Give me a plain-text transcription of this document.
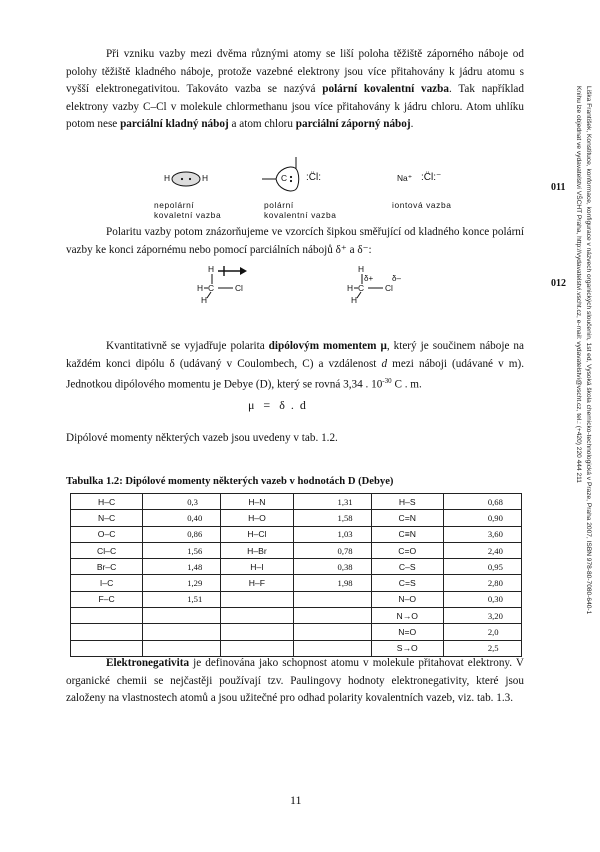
Při vzniku vazby mezi dvěma různými atomy se liší poloha těžiště záporného náboje od polohy těžiště kladného náboje, protože vazebné elektrony jsou více přitahovány k jádru atomu s vyšší elektronegativitou. Takováto vazba se nazývá polární kovalentní vazba. Tak například elektrony vazby C–Cl v molekule chlormethanu jsou více přitahovány k jádru chloru. Atom uhlíku potom nese parciální kladný náboj a atom chloru parciální záporný náboj.

H	H	C :C̈l:	Na⁺ :C̈l:⁻
nepolární
kovaletní vazba
polární
kovalentní vazba
iontová vazba

Polaritu vazby potom znázorňujeme ve vzorcích šipkou směřující od kladného konce polární vazby ke konci zápornému nebo pomocí parciálních nábojů δ⁺ a δ⁻:

H
H C Cl
H
H
δ+ δ–
H C Cl
H
011
012

Kvantitativně se vyjadřuje polarita dipólovým momentem μ, který je součinem náboje na každém konci dipólu δ (udávaný v Coulombech, C) a vzdálenost d mezi náboji (udávané v m). Jednotkou dipólového momentu je Debye (D), který se rovná 3,34 . $10^{-30}$ C . m.

μ   =   δ  .  d

Dipólové momenty některých vazeb jsou uvedeny v tab. 1.2.

Tabulka 1.2: Dipólové momenty některých vazeb v hodnotách D (Debye)
H–C	0,3	H–N	1,31	H–S	0,68
N–C	0,40	H–O	1,58	C=N	0,90
O–C	0,86	H–Cl	1,03	C≡N	3,60
Cl–C	1,56	H–Br	0,78	C=O	2,40
Br–C	1,48	H–I	0,38	C–S	0,95
I–C	1,29	H–F	1,98	C=S	2,80
F–C	1,51			N–O	0,30
				N→O	3,20
				N=O	2,0
				S→O	2,5

Elektronegativita je definována jako schopnost atomu v molekule přitahovat elektrony. V organické chemii se nejčastěji používají tzv. Paulingovy hodnoty elektronegativity, které jsou založeny na vlastnostech atomů a jsou užitečné pro odhad polarity kovalentních vazeb, viz. tab. 1.3.

11
Liška František, Konstituce, konformace, konfigurace v názvech organických sloučenin, 1st ed, Vysoká škola chemicko-technologická v Praze, Praha 2007, ISBN 978-80-7080-640-1
Knihu lze objednat ve vydavatelství VŠCHT Praha, http://vydavatelstvi.vscht.cz, e-mail: vydavatelstvi@vscht.cz, tel.: (+420) 220 444 211
